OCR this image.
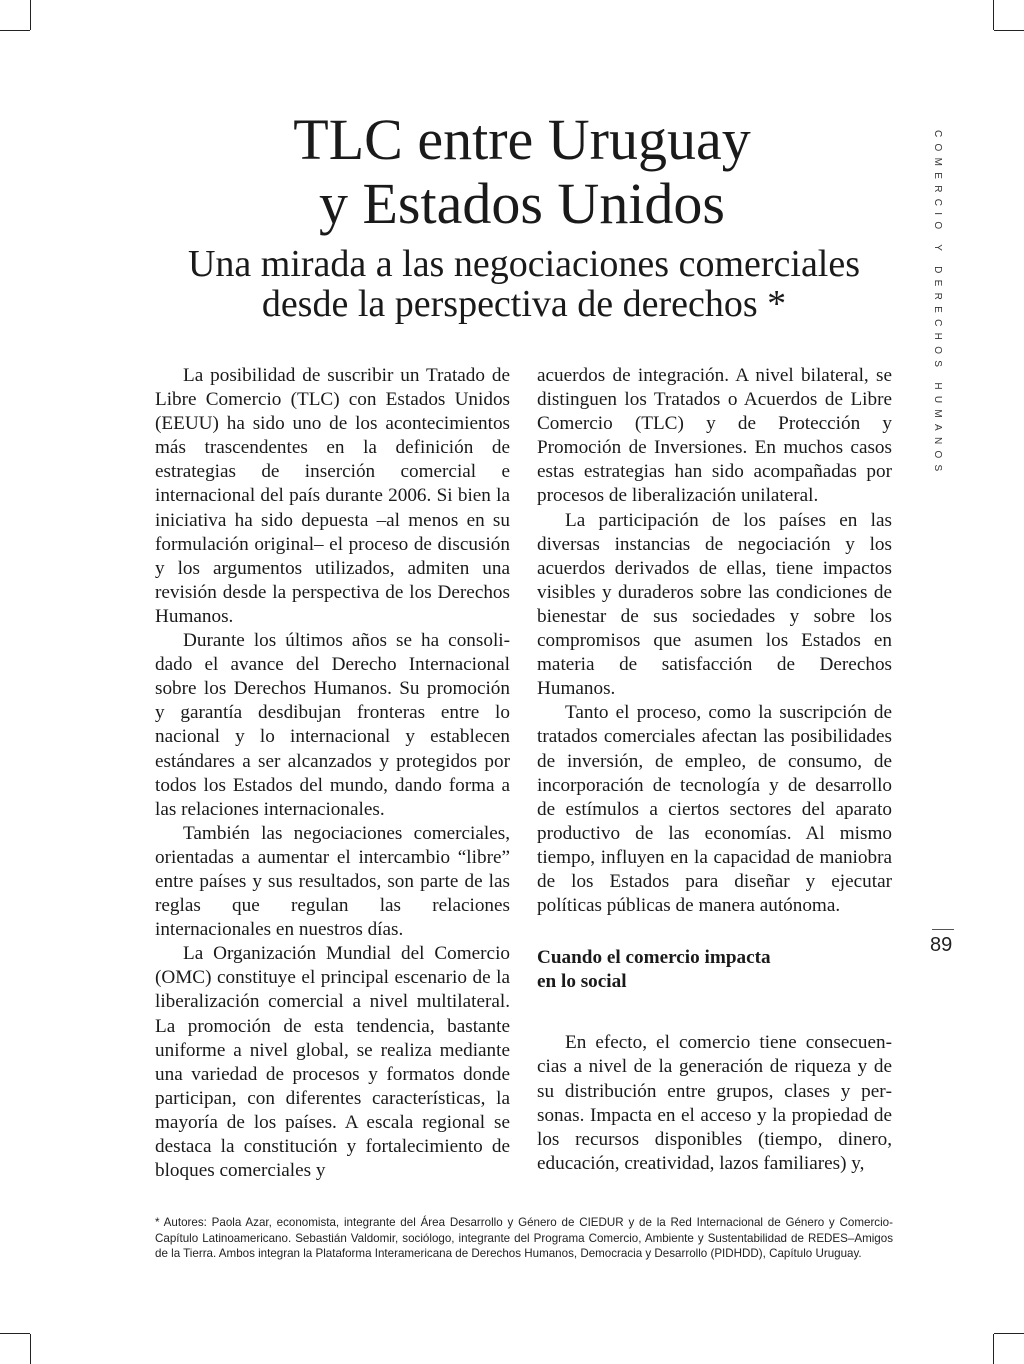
TLC entre Uruguay
y Estados Unidos
Una mirada a las negociaciones comerciales
desde la perspectiva de derechos *	COMERCIO Y DERECHOS HUMANOS
89

La posibilidad de suscribir un Tratado de Libre Comercio (TLC) con Estados Unidos (EEUU) ha sido uno de los acontecimientos más trascendentes en la definición de estrategias de inserción comercial e internacional del país durante 2006. Si bien la iniciativa ha sido depuesta –al menos en su formulación original– el proceso de discusión y los argumentos utilizados, admiten una revisión desde la perspectiva de los Derechos Humanos.

Durante los últimos años se ha consolidado el avance del Derecho Internacional sobre los Derechos Humanos. Su promoción y garantía desdibujan fronteras entre lo nacional y lo internacional y establecen estándares a ser alcanzados y protegidos por todos los Estados del mundo, dando forma a las relaciones internacionales.

También las negociaciones comerciales, orientadas a aumentar el intercambio “libre” entre países y sus resultados, son parte de las reglas que regulan las relaciones internacionales en nuestros días.

La Organización Mundial del Comercio (OMC) constituye el principal escenario de la liberalización comercial a nivel multilateral. La promoción de esta tendencia, bastante uniforme a nivel global, se realiza mediante una variedad de procesos y formatos donde participan, con diferentes características, la mayoría de los países. A escala regional se destaca la constitución y fortalecimiento de bloques comerciales y

acuerdos de integración. A nivel bilateral, se distinguen los Tratados o Acuerdos de Libre Comercio (TLC) y de Protección y Promoción de Inversiones. En muchos casos estas estrategias han sido acompañadas por procesos de liberalización unilateral.

La participación de los países en las diversas instancias de negociación y los acuerdos derivados de ellas, tiene impactos visibles y duraderos sobre las condiciones de bienestar de sus sociedades y sobre los compromisos que asumen los Estados en materia de satisfacción de Derechos Humanos.

Tanto el proceso, como la suscripción de tratados comerciales afectan las posibilidades de inversión, de empleo, de consumo, de incorporación de tecnología y de desarrollo de estímulos a ciertos sectores del aparato productivo de las economías. Al mismo tiempo, influyen en la capacidad de maniobra de los Estados para diseñar y ejecutar políticas públicas de manera autónoma.

Cuando el comercio impacta
en lo social

En efecto, el comercio tiene consecuencias a nivel de la generación de riqueza y de su distribución entre grupos, clases y personas. Impacta en el acceso y la propiedad de los recursos disponibles (tiempo, dinero, educación, creatividad, lazos familiares) y,

* Autores: Paola Azar, economista, integrante del Área Desarrollo y Género de CIEDUR y de la Red Internacional de Género y Comercio-Capítulo Latinoamericano. Sebastián Valdomir, sociólogo, integrante del Programa Comercio, Ambiente y Sustentabilidad de REDES–Amigos de la Tierra. Ambos integran la Plataforma Interamericana de Derechos Humanos, Democracia y Desarrollo (PIDHDD), Capítulo Uruguay.
